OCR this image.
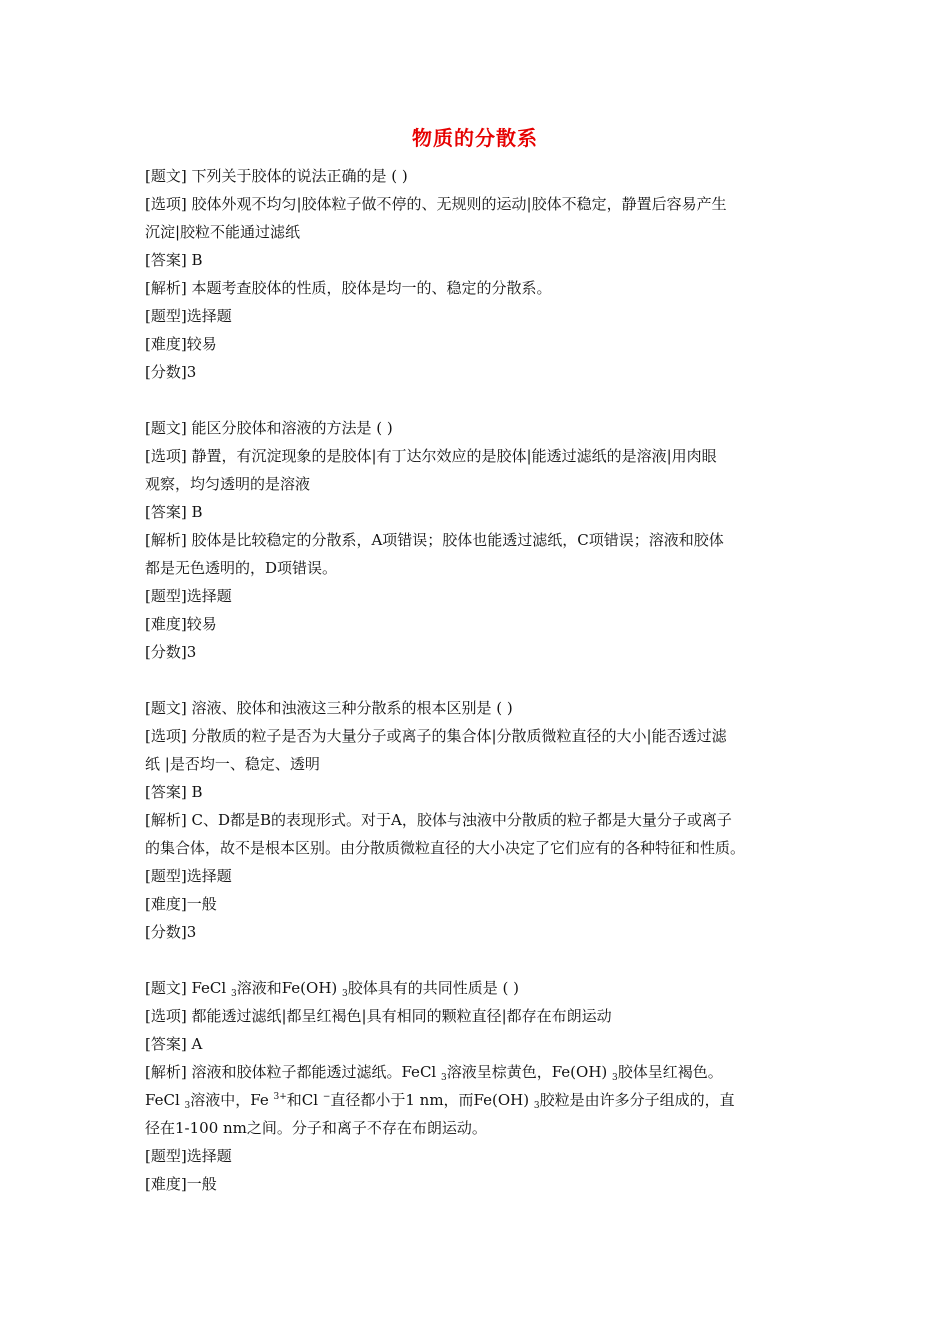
物质的分散系
[题文] 下列关于胶体的说法正确的是 ( )
[选项] 胶体外观不均匀|胶体粒子做不停的、无规则的运动|胶体不稳定，静置后容易产生
沉淀|胶粒不能通过滤纸
[答案] B
[解析] 本题考查胶体的性质，胶体是均一的、稳定的分散系。
[题型]选择题
[难度]较易
[分数]3
[题文] 能区分胶体和溶液的方法是 ( )
[选项] 静置，有沉淀现象的是胶体|有丁达尔效应的是胶体|能透过滤纸的是溶液|用肉眼
观察，均匀透明的是溶液
[答案] B
[解析] 胶体是比较稳定的分散系，A项错误；胶体也能透过滤纸，C项错误；溶液和胶体
都是无色透明的，D项错误。
[题型]选择题
[难度]较易
[分数]3
[题文] 溶液、胶体和浊液这三种分散系的根本区别是 ( )
[选项] 分散质的粒子是否为大量分子或离子的集合体|分散质微粒直径的大小|能否透过滤
纸 |是否均一、稳定、透明
[答案] B
[解析] C、D都是B的表现形式。对于A，胶体与浊液中分散质的粒子都是大量分子或离子
的集合体，故不是根本区别。由分散质微粒直径的大小决定了它们应有的各种特征和性质。
[题型]选择题
[难度]一般
[分数]3
[题文] FeCl $_3$溶液和Fe(OH) $_3$胶体具有的共同性质是 ( )
[选项] 都能透过滤纸|都呈红褐色|具有相同的颗粒直径|都存在布朗运动
[答案] A
[解析] 溶液和胶体粒子都能透过滤纸。FeCl $_3$溶液呈棕黄色，Fe(OH) $_3$胶体呈红褐色。
FeCl $_3$溶液中，Fe $^{3+}$和Cl −直径都小于1 nm，而Fe(OH) $_3$胶粒是由许多分子组成的，直
径在1-100 nm之间。分子和离子不存在布朗运动。
[题型]选择题
[难度]一般
